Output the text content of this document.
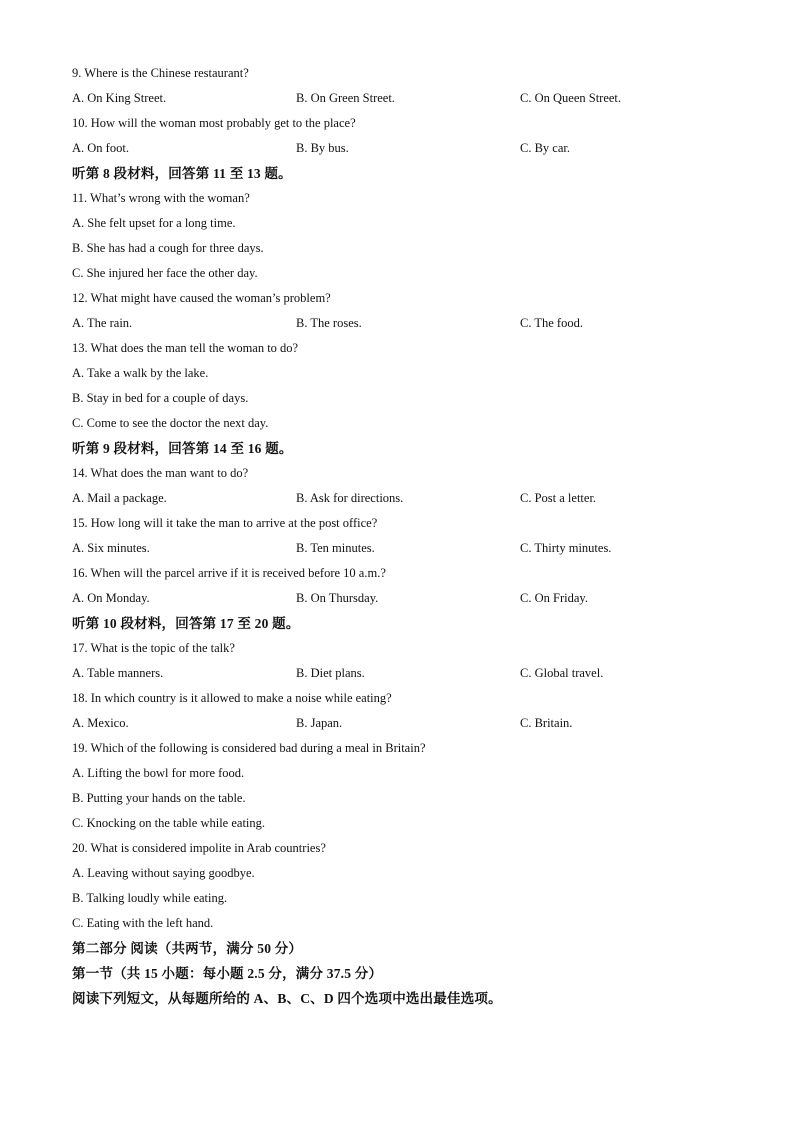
9. Where is the Chinese restaurant?
A. On King Street.	B. On Green Street.	C. On Queen Street.
10. How will the woman most probably get to the place?
A. On foot.	B. By bus.	C. By car.
听第 8 段材料，回答第 11 至 13 题。
11. What’s wrong with the woman?
A. She felt upset for a long time.
B. She has had a cough for three days.
C. She injured her face the other day.
12. What might have caused the woman’s problem?
A. The rain.	B. The roses.	C. The food.
13. What does the man tell the woman to do?
A. Take a walk by the lake.
B. Stay in bed for a couple of days.
C. Come to see the doctor the next day.
听第 9 段材料，回答第 14 至 16 题。
14. What does the man want to do?
A. Mail a package.	B. Ask for directions.	C. Post a letter.
15. How long will it take the man to arrive at the post office?
A. Six minutes.	B. Ten minutes.	C. Thirty minutes.
16. When will the parcel arrive if it is received before 10 a.m.?
A. On Monday.	B. On Thursday.	C. On Friday.
听第 10 段材料，回答第 17 至 20 题。
17. What is the topic of the talk?
A. Table manners.	B. Diet plans.	C. Global travel.
18. In which country is it allowed to make a noise while eating?
A. Mexico.	B. Japan.	C. Britain.
19. Which of the following is considered bad during a meal in Britain?
A. Lifting the bowl for more food.
B. Putting your hands on the table.
C. Knocking on the table while eating.
20. What is considered impolite in Arab countries?
A. Leaving without saying goodbye.
B. Talking loudly while eating.
C. Eating with the left hand.
第二部分 阅读（共两节，满分 50 分）
第一节（共 15 小题：每小题 2.5 分，满分 37.5 分）
阅读下列短文，从每题所给的 A、B、C、D 四个选项中选出最佳选项。
